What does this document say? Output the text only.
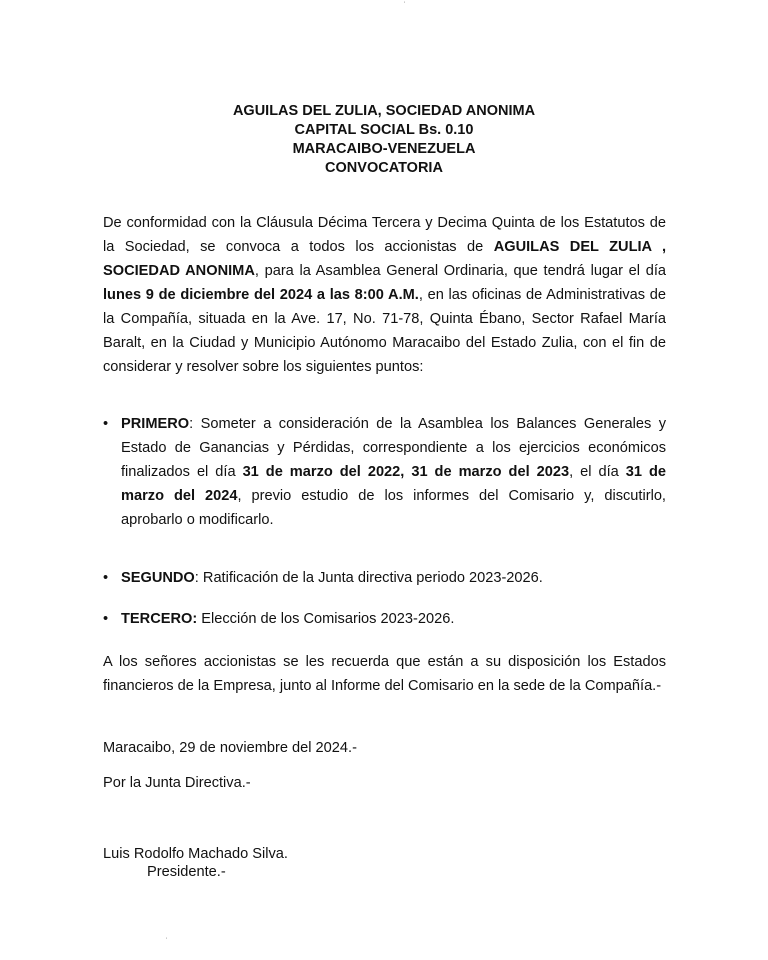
'
'
AGUILAS DEL ZULIA, SOCIEDAD ANONIMA
CAPITAL SOCIAL Bs. 0.10
MARACAIBO-VENEZUELA
CONVOCATORIA
De conformidad con la Cláusula Décima Tercera y Decima Quinta de los Estatutos de la Sociedad, se convoca a todos los accionistas de AGUILAS DEL ZULIA , SOCIEDAD ANONIMA, para la Asamblea General Ordinaria, que tendrá lugar el día lunes 9 de diciembre del 2024 a las 8:00 A.M., en las oficinas de Administrativas de la Compañía, situada en la Ave. 17, No. 71-78, Quinta Ébano, Sector Rafael María Baralt, en la Ciudad y Municipio Autónomo Maracaibo del Estado Zulia, con el fin de considerar y resolver sobre los siguientes puntos:
• PRIMERO: Someter a consideración de la Asamblea los Balances Generales y Estado de Ganancias y Pérdidas, correspondiente a los ejercicios económicos finalizados el día 31 de marzo del 2022, 31 de marzo del 2023, el día 31 de marzo del 2024, previo estudio de los informes del Comisario y, discutirlo, aprobarlo o modificarlo.
• SEGUNDO: Ratificación de la Junta directiva periodo 2023-2026.
• TERCERO: Elección de los Comisarios 2023-2026.
A los señores accionistas se les recuerda que están a su disposición los Estados financieros de la Empresa, junto al Informe del Comisario en la sede de la Compañía.-
Maracaibo, 29 de noviembre del 2024.-
Por la Junta Directiva.-
Luis Rodolfo Machado Silva.
Presidente.-
